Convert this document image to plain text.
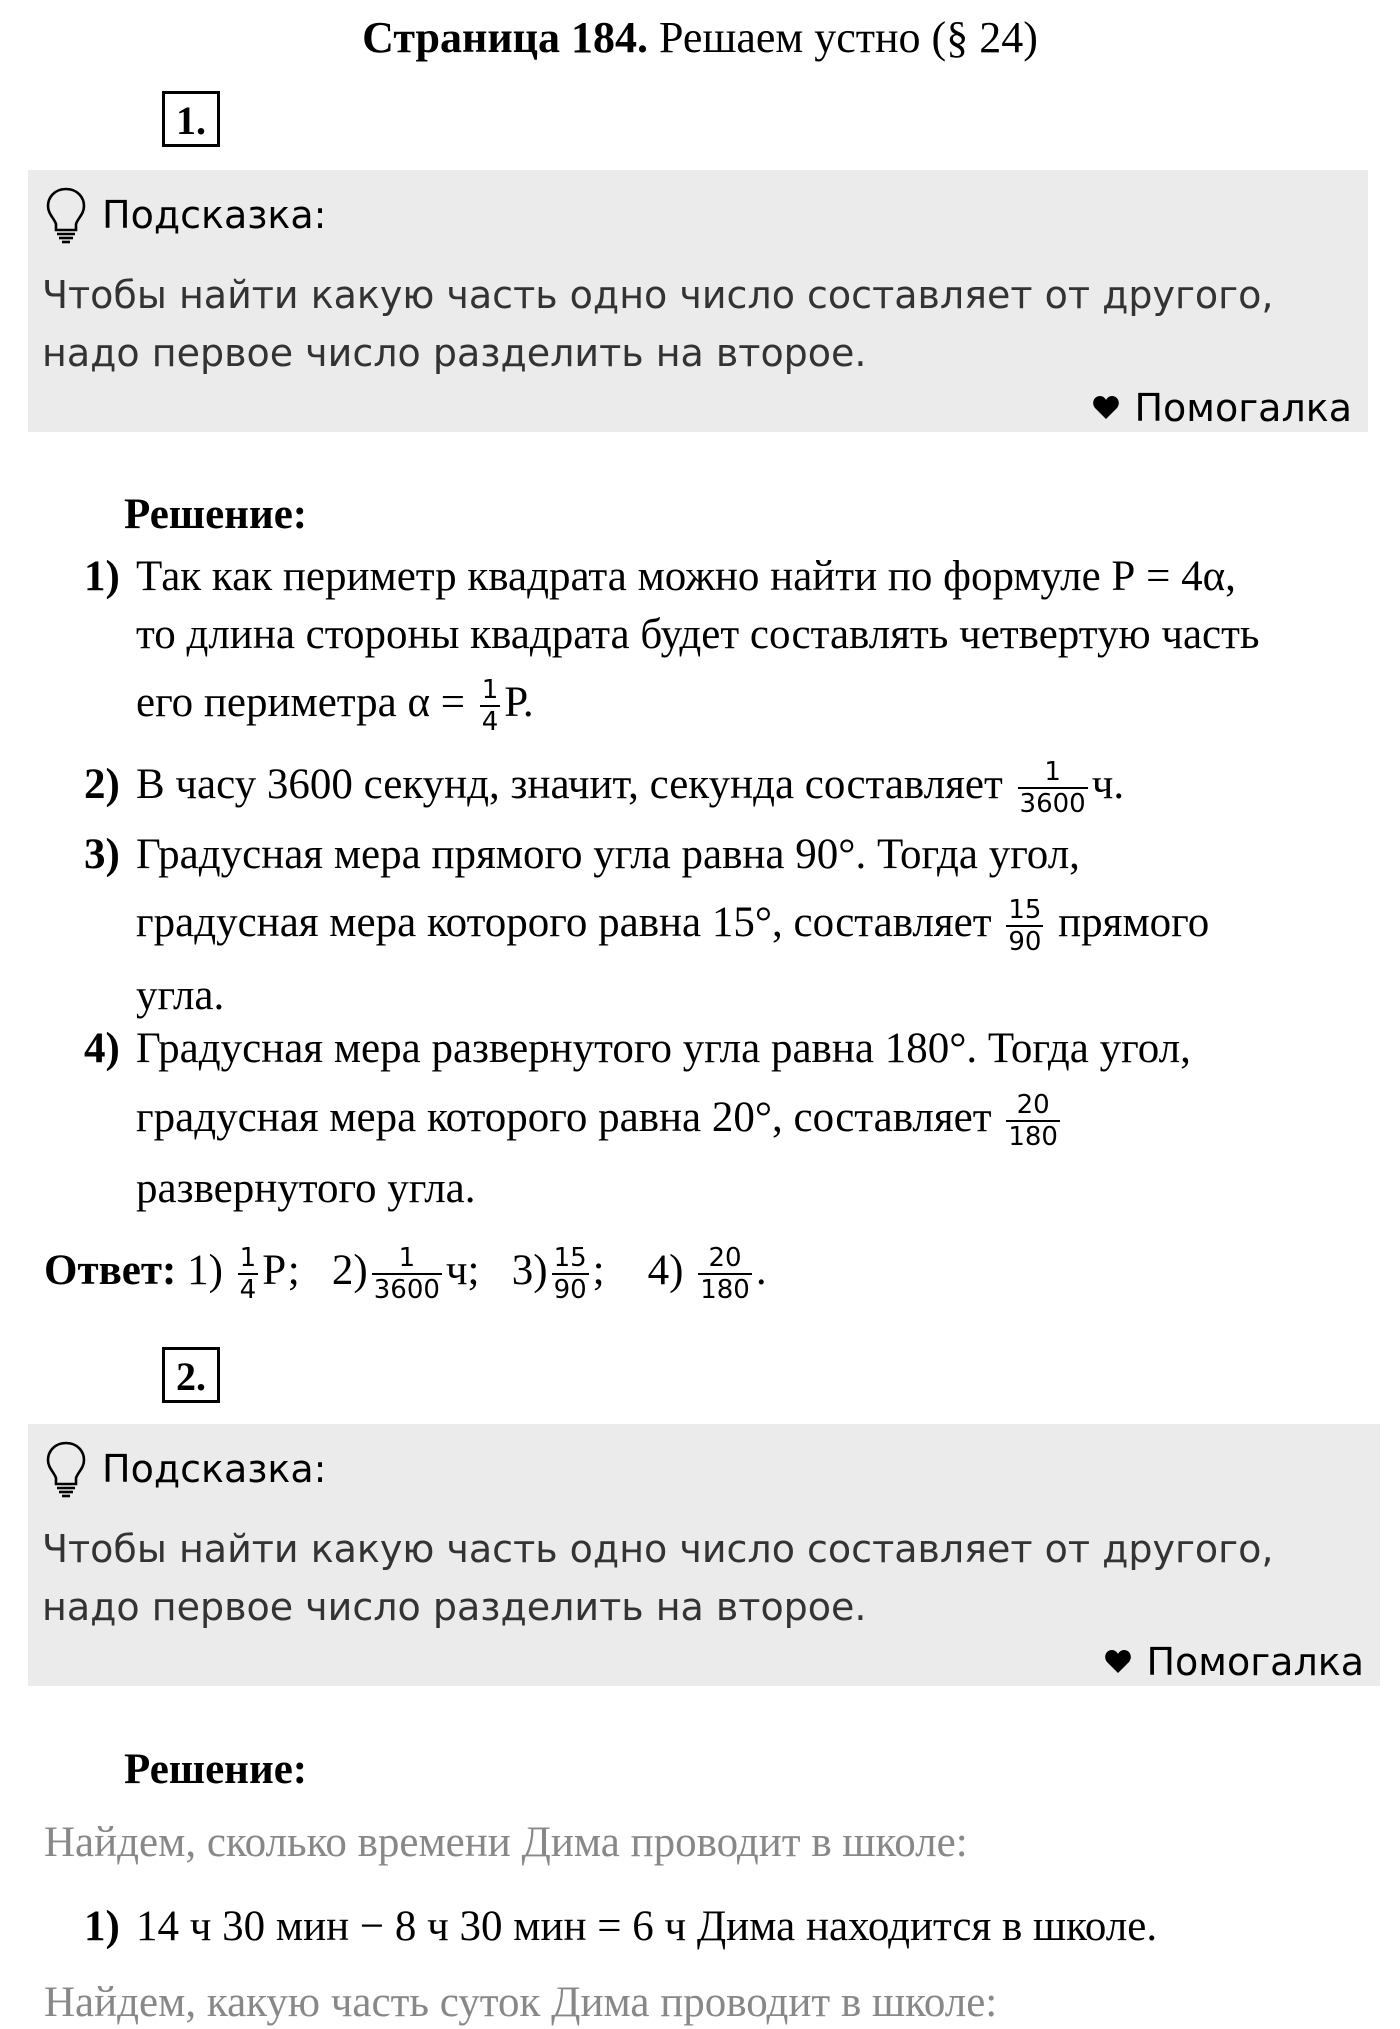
Страница 184. Решаем устно (§ 24)
1.
Подсказка:
Чтобы найти какую часть одно число составляет от другого, надо первое число разделить на второе.
Помогалка
Решение:
1) Так как периметр квадрата можно найти по формуле Р = 4α,
то длина стороны квадрата будет составлять четвертую часть
его периметра $\alpha = \frac{1}{4} Р$.
2) В часу 3600 секунд, значит, секунда составляет $\frac{1}{3600} ч$.
3) Градусная мера прямого угла равна 90°. Тогда угол,
градусная мера которого равна 15°, составляет $\frac{15}{90}$ прямого
угла.
4) Градусная мера развернутого угла равна 180°. Тогда угол,
градусная мера которого равна 20°, составляет $\frac{20}{180}$
развернутого угла.
Ответ: $1) \frac{1}{4} Р$; $2) \frac{1}{3600} ч$; $3) \frac{15}{90}$ ; $4) \frac{20}{180}$ .
2.
Подсказка:
Чтобы найти какую часть одно число составляет от другого, надо первое число разделить на второе.
Помогалка
Решение:
Найдем, сколько времени Дима проводит в школе:
1) 14 ч 30 мин − 8 ч 30 мин = 6 ч Дима находится в школе.
Найдем, какую часть суток Дима проводит в школе:
